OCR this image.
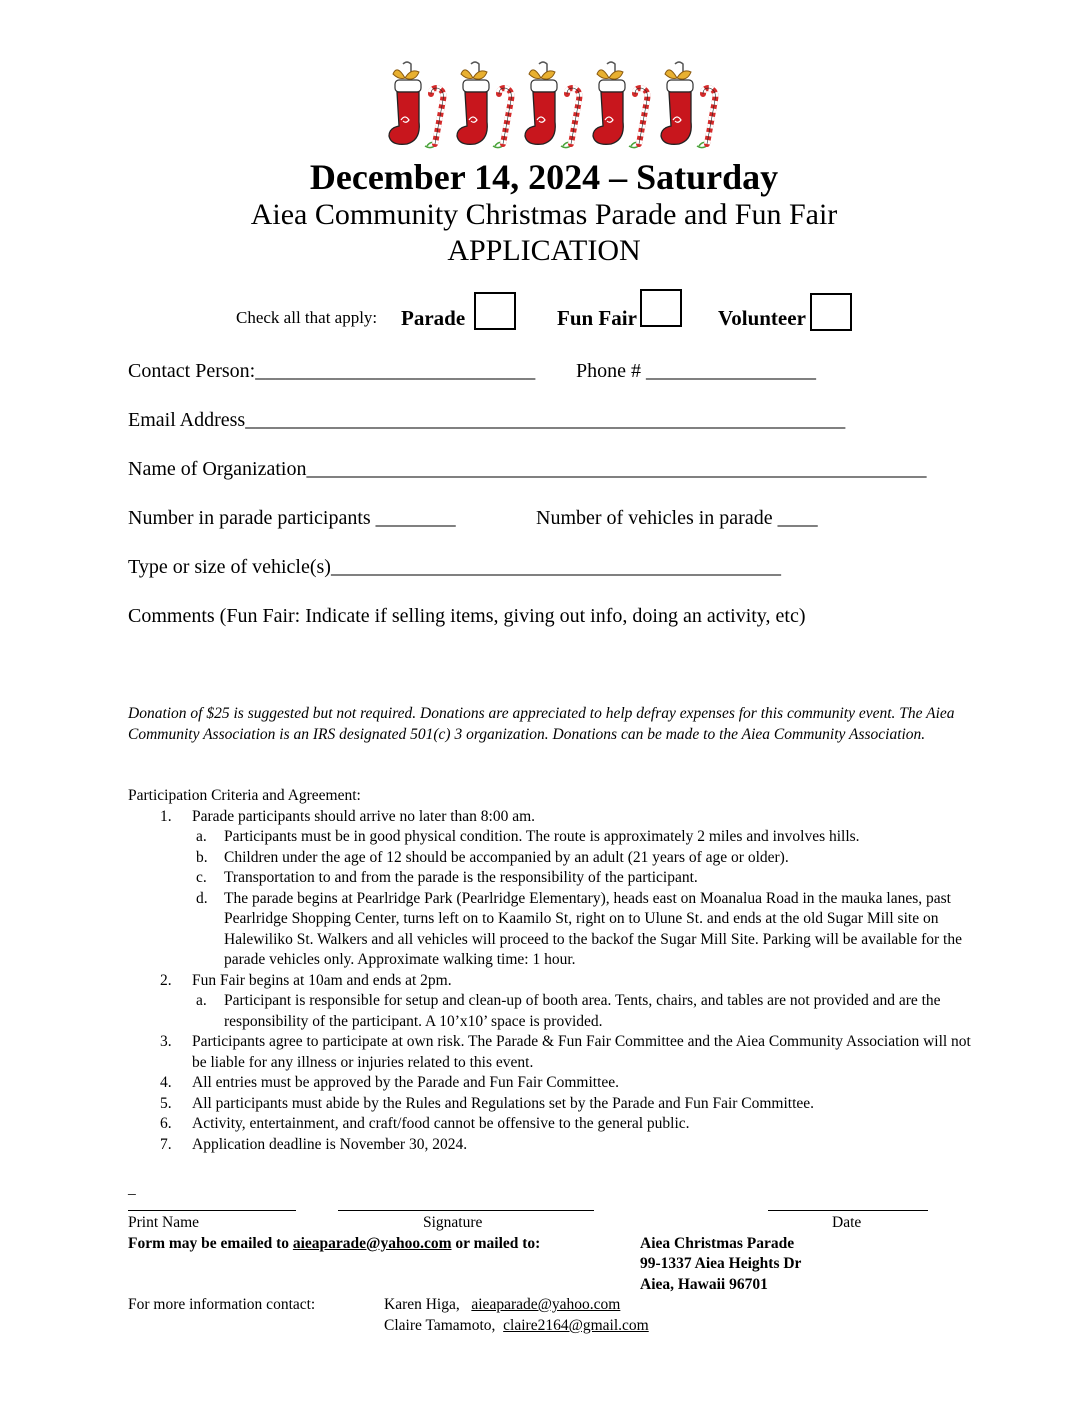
December 14, 2024 – Saturday
Aiea Community Christmas Parade and Fun Fair
APPLICATION
Check all that apply: Parade	Fun Fair	Volunteer
Contact Person:____________________________ Phone # _________________
Email Address____________________________________________________________
Name of Organization______________________________________________________________
Number in parade participants ________	Number of vehicles in parade ____
Type or size of vehicle(s)_____________________________________________
Comments (Fun Fair: Indicate if selling items, giving out info, doing an activity, etc)
Donation of $25 is suggested but not required. Donations are appreciated to help defray expenses for this community event. The Aiea Community Association is an IRS designated 501(c) 3 organization. Donations can be made to the Aiea Community Association.
Participation Criteria and Agreement:
1. Parade participants should arrive no later than 8:00 am.
a. Participants must be in good physical condition. The route is approximately 2 miles and involves hills.
b. Children under the age of 12 should be accompanied by an adult (21 years of age or older).
c. Transportation to and from the parade is the responsibility of the participant.
d. The parade begins at Pearlridge Park (Pearlridge Elementary), heads east on Moanalua Road in the mauka lanes, past Pearlridge Shopping Center, turns left on to Kaamilo St, right on to Ulune St. and ends at the old Sugar Mill site on Halewiliko St. Walkers and all vehicles will proceed to the backof the Sugar Mill Site. Parking will be available for the parade vehicles only. Approximate walking time: 1 hour.
2. Fun Fair begins at 10am and ends at 2pm.
a. Participant is responsible for setup and clean-up of booth area. Tents, chairs, and tables are not provided and are the responsibility of the participant. A 10’x10’ space is provided.
3. Participants agree to participate at own risk. The Parade & Fun Fair Committee and the Aiea Community Association will not be liable for any illness or injuries related to this event.
4. All entries must be approved by the Parade and Fun Fair Committee.
5. All participants must abide by the Rules and Regulations set by the Parade and Fun Fair Committee.
6. Activity, entertainment, and craft/food cannot be offensive to the general public.
7. Application deadline is November 30, 2024.
_
Print Name	Signature	Date
Form may be emailed to aieaparade@yahoo.com or mailed to:	Aiea Christmas Parade
99-1337 Aiea Heights Dr
Aiea, Hawaii 96701
For more information contact:	Karen Higa, aieaparade@yahoo.com
Claire Tamamoto, claire2164@gmail.com
